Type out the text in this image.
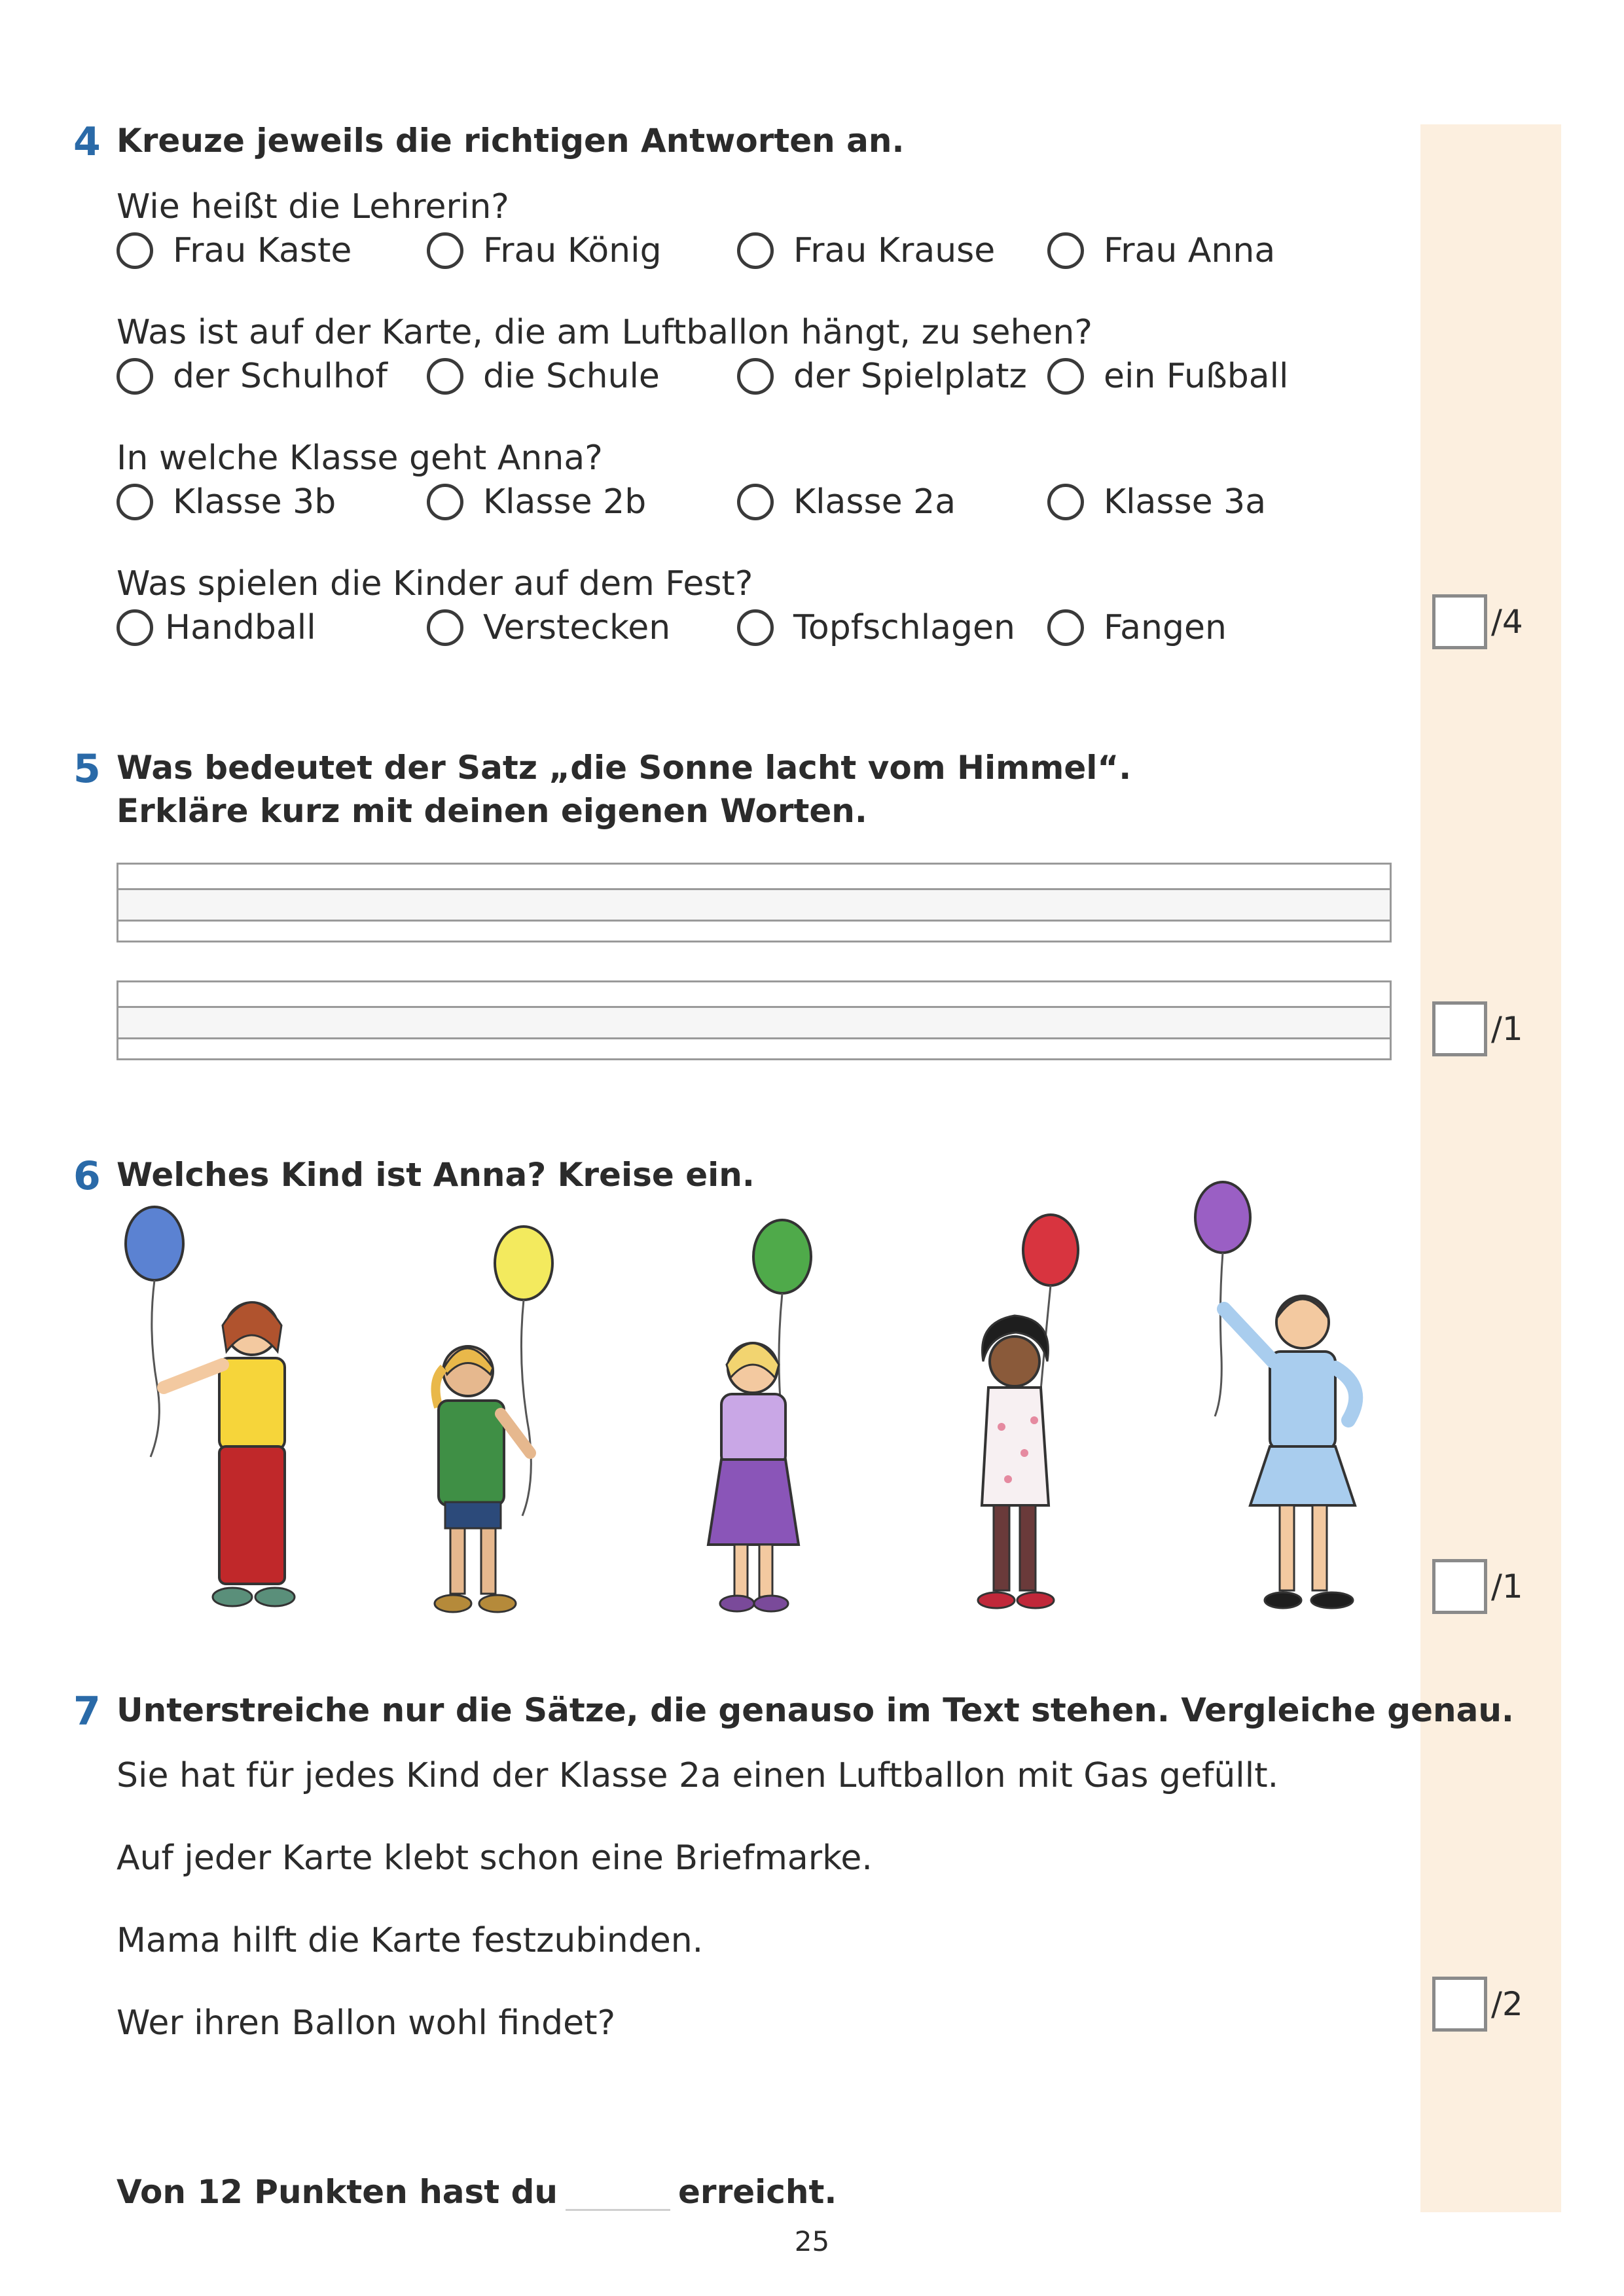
4 Kreuze jeweils die richtigen Antworten an.
Wie heißt die Lehrerin?
Frau Kaste	Frau König	Frau Krause	Frau Anna
Was ist auf der Karte, die am Luftballon hängt, zu sehen?
der Schulhof	die Schule	der Spielplatz ein Fußball
In welche Klasse geht Anna?
Klasse 3b	Klasse 2b	Klasse 2a	Klasse 3a
Was spielen die Kinder auf dem Fest?
Handball	Verstecken	Topfschlagen	Fangen	/4
5 Was bedeutet der Satz „die Sonne lacht vom Himmel“.
Erkläre kurz mit deinen eigenen Worten.
/1
6 Welches Kind ist Anna? Kreise ein.
/1
7 Unterstreiche nur die Sätze, die genauso im Text stehen. Vergleiche genau.
Sie hat für jedes Kind der Klasse 2a einen Luftballon mit Gas gefüllt.
Auf jeder Karte klebt schon eine Briefmarke.
Mama hilft die Karte festzubinden.
Wer ihren Ballon wohl findet?	/2
Von 12 Punkten hast du	erreicht.
25
